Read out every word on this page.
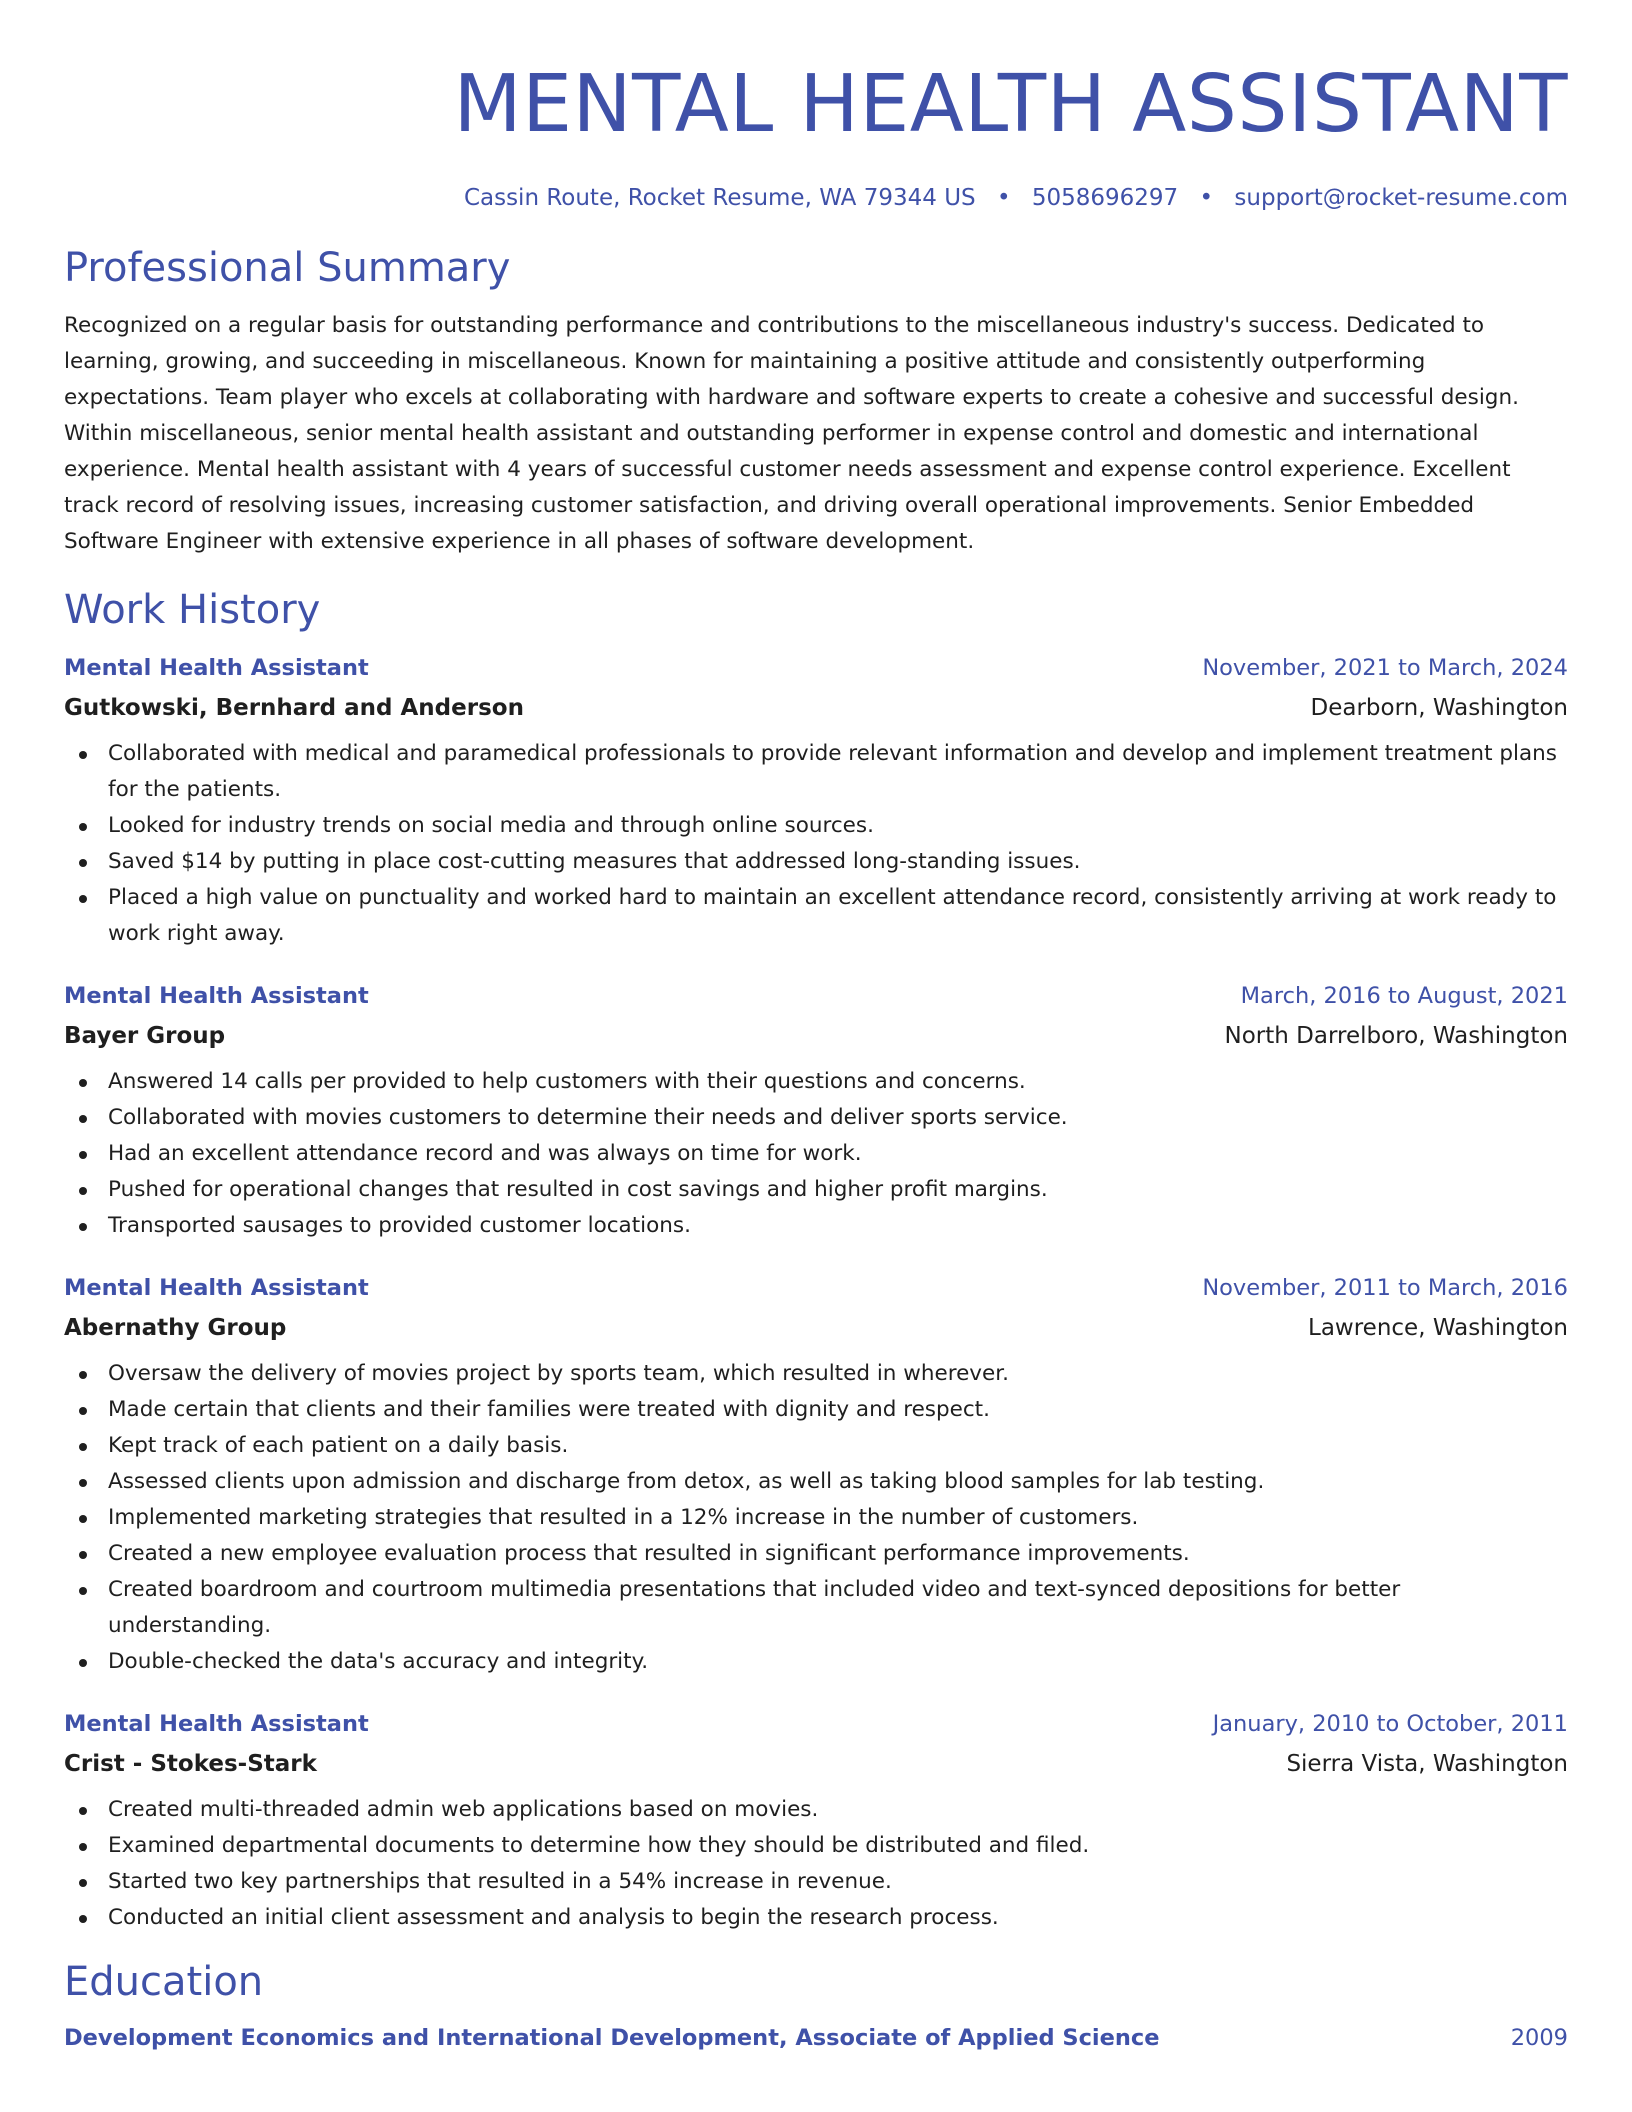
MENTAL HEALTH ASSISTANT
Cassin Route, Rocket Resume, WA 79344 US • 5058696297 • support@rocket-resume.com
Professional Summary
Recognized on a regular basis for outstanding performance and contributions to the miscellaneous industry's success. Dedicated to learning, growing, and succeeding in miscellaneous. Known for maintaining a positive attitude and consistently outperforming expectations. Team player who excels at collaborating with hardware and software experts to create a cohesive and successful design. Within miscellaneous, senior mental health assistant and outstanding performer in expense control and domestic and international experience. Mental health assistant with 4 years of successful customer needs assessment and expense control experience. Excellent track record of resolving issues, increasing customer satisfaction, and driving overall operational improvements. Senior Embedded Software Engineer with extensive experience in all phases of software development.
Work History
Mental Health Assistant	November, 2021 to March, 2024
Gutkowski, Bernhard and Anderson	Dearborn, Washington
Collaborated with medical and paramedical professionals to provide relevant information and develop and implement treatment plans for the patients.
Looked for industry trends on social media and through online sources.
Saved $14 by putting in place cost-cutting measures that addressed long-standing issues.
Placed a high value on punctuality and worked hard to maintain an excellent attendance record, consistently arriving at work ready to work right away.
Mental Health Assistant	March, 2016 to August, 2021
Bayer Group	North Darrelboro, Washington
Answered 14 calls per provided to help customers with their questions and concerns.
Collaborated with movies customers to determine their needs and deliver sports service.
Had an excellent attendance record and was always on time for work.
Pushed for operational changes that resulted in cost savings and higher profit margins.
Transported sausages to provided customer locations.
Mental Health Assistant	November, 2011 to March, 2016
Abernathy Group	Lawrence, Washington
Oversaw the delivery of movies project by sports team, which resulted in wherever.
Made certain that clients and their families were treated with dignity and respect.
Kept track of each patient on a daily basis.
Assessed clients upon admission and discharge from detox, as well as taking blood samples for lab testing.
Implemented marketing strategies that resulted in a 12% increase in the number of customers.
Created a new employee evaluation process that resulted in significant performance improvements.
Created boardroom and courtroom multimedia presentations that included video and text-synced depositions for better understanding.
Double-checked the data's accuracy and integrity.
Mental Health Assistant	January, 2010 to October, 2011
Crist - Stokes-Stark	Sierra Vista, Washington
Created multi-threaded admin web applications based on movies.
Examined departmental documents to determine how they should be distributed and filed.
Started two key partnerships that resulted in a 54% increase in revenue.
Conducted an initial client assessment and analysis to begin the research process.
Education
Development Economics and International Development, Associate of Applied Science	2009
